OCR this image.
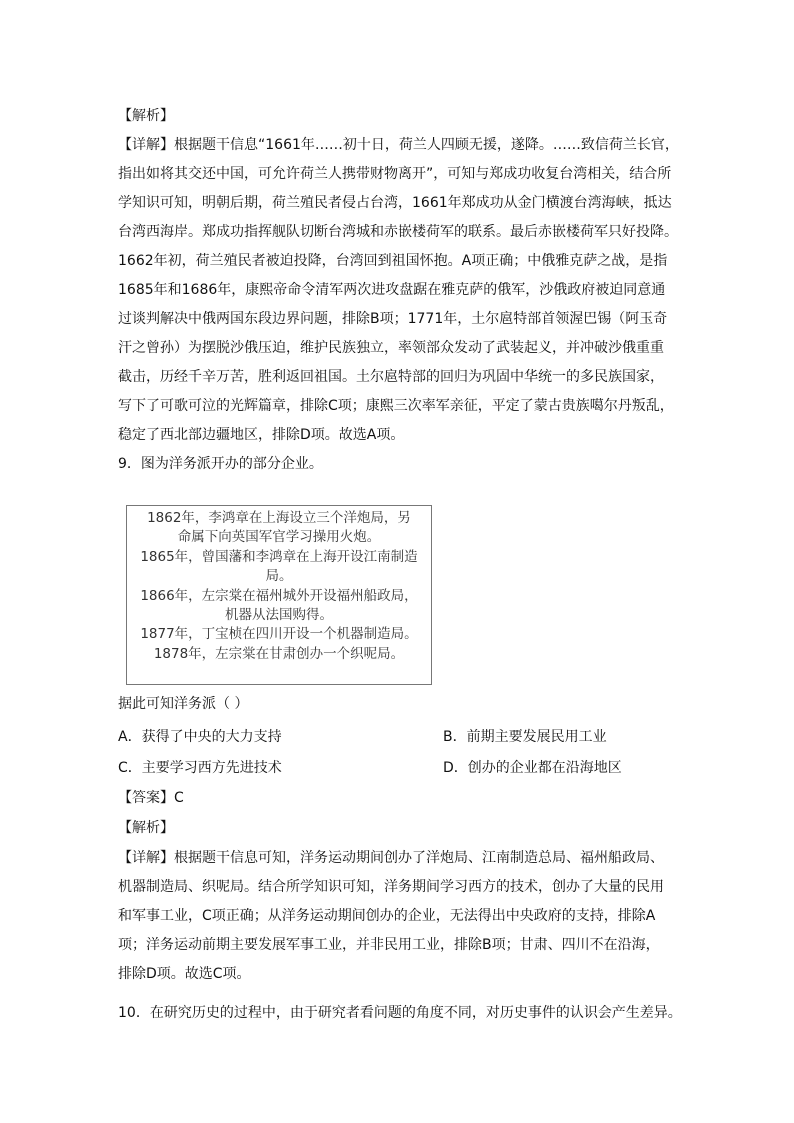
【解析】
【详解】根据题干信息“1661年……初十日，荷兰人四顾无援，遂降。……致信荷兰长官，
指出如将其交还中国，可允许荷兰人携带财物离开”，可知与郑成功收复台湾相关，结合所
学知识可知，明朝后期，荷兰殖民者侵占台湾，1661年郑成功从金门横渡台湾海峡，抵达
台湾西海岸。郑成功指挥舰队切断台湾城和赤嵌楼荷军的联系。最后赤嵌楼荷军只好投降。
1662年初，荷兰殖民者被迫投降，台湾回到祖国怀抱。A项正确；中俄雅克萨之战，是指
1685年和1686年，康熙帝命令清军两次进攻盘踞在雅克萨的俄军，沙俄政府被迫同意通
过谈判解决中俄两国东段边界问题，排除B项；1771年，土尔扈特部首领渥巴锡（阿玉奇
汗之曾孙）为摆脱沙俄压迫，维护民族独立，率领部众发动了武装起义，并冲破沙俄重重
截击，历经千辛万苦，胜利返回祖国。土尔扈特部的回归为巩固中华统一的多民族国家，
写下了可歌可泣的光辉篇章，排除C项；康熙三次率军亲征，平定了蒙古贵族噶尔丹叛乱，
稳定了西北部边疆地区，排除D项。故选A项。
9．图为洋务派开办的部分企业。
1862年，李鸿章在上海设立三个洋炮局，另
命属下向英国军官学习操用火炮。
1865年，曾国藩和李鸿章在上海开设江南制造
局。
1866年，左宗棠在福州城外开设福州船政局，
机器从法国购得。
1877年，丁宝桢在四川开设一个机器制造局。
1878年，左宗棠在甘肃创办一个织呢局。
据此可知洋务派（ ）
A．获得了中央的大力支持	B．前期主要发展民用工业
C．主要学习西方先进技术	D．创办的企业都在沿海地区
【答案】C
【解析】
【详解】根据题干信息可知，洋务运动期间创办了洋炮局、江南制造总局、福州船政局、
机器制造局、织呢局。结合所学知识可知，洋务期间学习西方的技术，创办了大量的民用
和军事工业，C项正确；从洋务运动期间创办的企业，无法得出中央政府的支持，排除A
项；洋务运动前期主要发展军事工业，并非民用工业，排除B项；甘肃、四川不在沿海，
排除D项。故选C项。
10．在研究历史的过程中，由于研究者看问题的角度不同，对历史事件的认识会产生差异。
